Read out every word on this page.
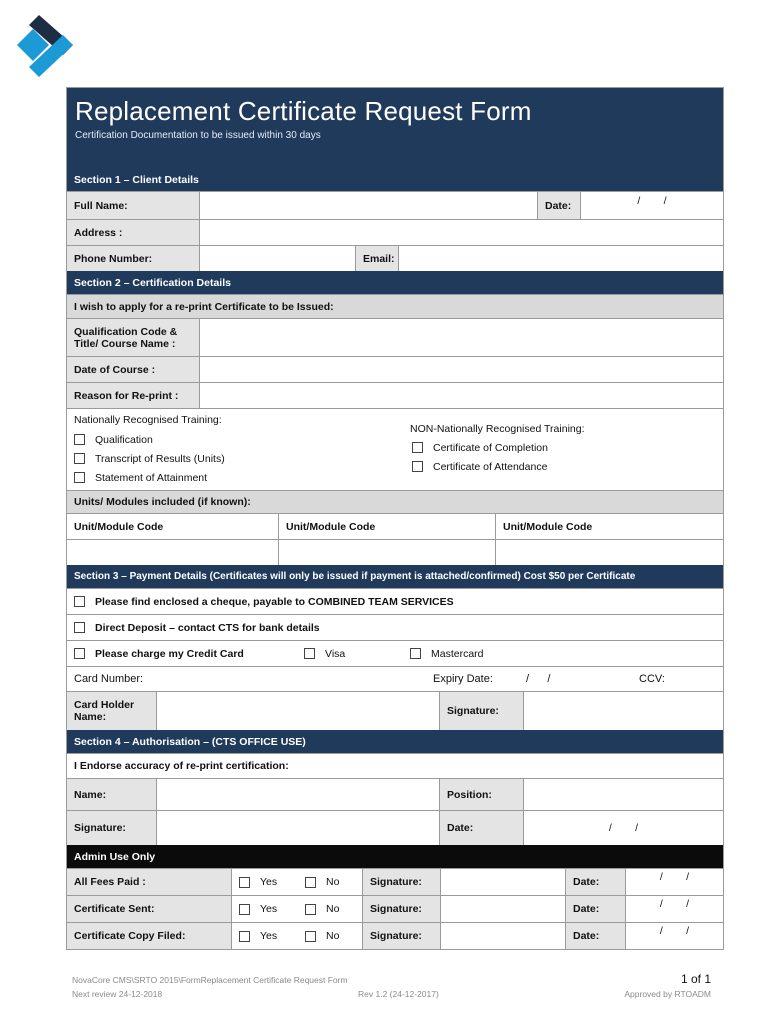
Replacement Certificate Request Form
Certification Documentation to be issued within 30 days
Section 1 – Client Details
Full Name:	Date:	/        /
Address :
Phone Number:	Email:
Section 2 – Certification Details
I wish to apply for a re-print Certificate to be Issued:
Qualification Code &
Title/ Course Name :
Date of Course :
Reason for Re-print :
Nationally Recognised Training:
Qualification
Transcript of Results (Units)
Statement of Attainment
NON-Nationally Recognised Training:
Certificate of Completion
Certificate of Attendance
Units/ Modules included (if known):
Unit/Module Code	Unit/Module Code	Unit/Module Code
Section 3 – Payment Details (Certificates will only be issued if payment is attached/confirmed) Cost $50 per Certificate
Please find enclosed a cheque, payable to COMBINED TEAM SERVICES
Direct Deposit – contact CTS for bank details
Please charge my Credit Card	Visa	Mastercard
Card Number:	Expiry Date:	/      /	CCV:
Card Holder
Name:	Signature:
Section 4 – Authorisation – (CTS OFFICE USE)
I Endorse accuracy of re-print certification:
Name:	Position:
Signature:	Date:	/        /
Admin Use Only
All Fees Paid :	Yes	No	Signature:	Date:	/        /
Certificate Sent:	Yes	No	Signature:	Date:	/        /
Certificate Copy Filed:	Yes	No	Signature:	Date:	/        /
NovaCore CMS\SRTO 2015\FormReplacement Certificate Request Form	1 of 1
Next review 24-12-2018	Rev 1.2 (24-12-2017)	Approved by RTOADM
